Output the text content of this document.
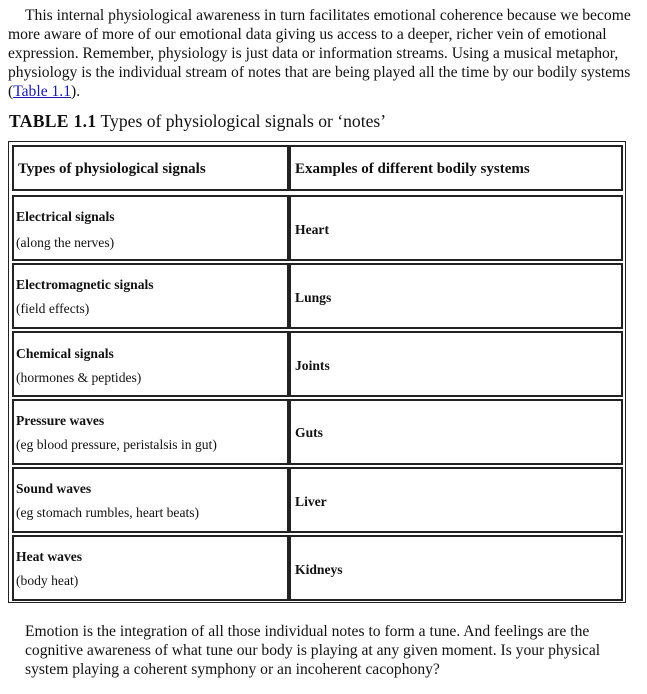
This internal physiological awareness in turn facilitates emotional coherence because we become more aware of more of our emotional data giving us access to a deeper, richer vein of emotional expression. Remember, physiology is just data or information streams. Using a musical metaphor, physiology is the individual stream of notes that are being played all the time by our bodily systems (Table 1.1).
TABLE 1.1 Types of physiological signals or ‘notes’
Types of physiological signals	Examples of different bodily systems
Electrical signals
(along the nerves)
Heart
Electromagnetic signals
(field effects)
Lungs
Chemical signals
(hormones & peptides)
Joints
Pressure waves
(eg blood pressure, peristalsis in gut)
Guts
Sound waves
(eg stomach rumbles, heart beats)
Liver
Heat waves
(body heat)
Kidneys
Emotion is the integration of all those individual notes to form a tune. And feelings are the cognitive awareness of what tune our body is playing at any given moment. Is your physical system playing a coherent symphony or an incoherent cacophony?
